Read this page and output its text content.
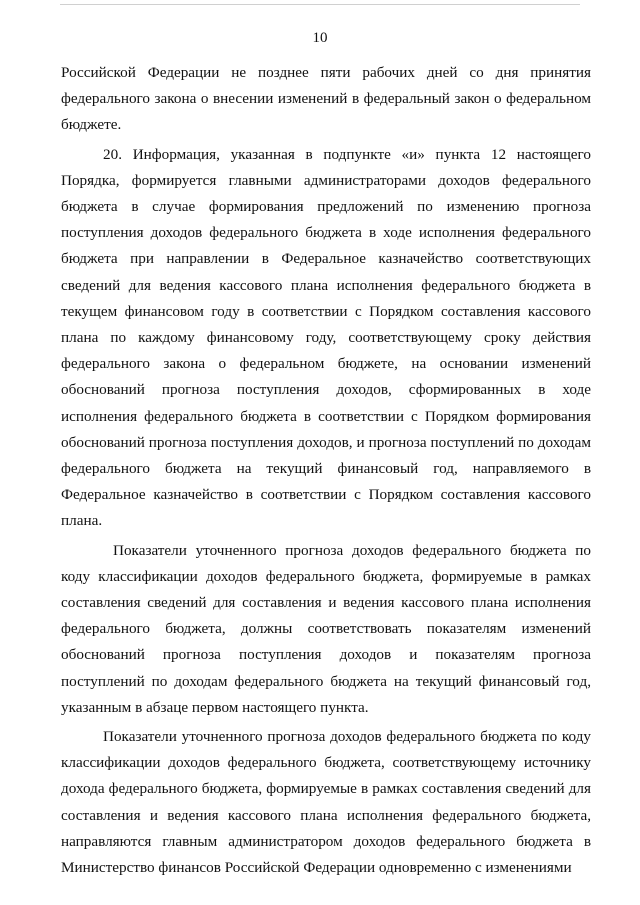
10

Российской Федерации не позднее пяти рабочих дней со дня принятия федерального закона о внесении изменений в федеральный закон о федеральном бюджете.

20. Информация, указанная в подпункте «и» пункта 12 настоящего Порядка, формируется главными администраторами доходов федерального бюджета в случае формирования предложений по изменению прогноза поступления доходов федерального бюджета в ходе исполнения федерального бюджета при направлении в Федеральное казначейство соответствующих сведений для ведения кассового плана исполнения федерального бюджета в текущем финансовом году в соответствии с Порядком составления кассового плана по каждому финансовому году, соответствующему сроку действия федерального закона о федеральном бюджете, на основании изменений обоснований прогноза поступления доходов, сформированных в ходе исполнения федерального бюджета в соответствии с Порядком формирования обоснований прогноза поступления доходов, и прогноза поступлений по доходам федерального бюджета на текущий финансовый год, направляемого в Федеральное казначейство в соответствии с Порядком составления кассового плана.

Показатели уточненного прогноза доходов федерального бюджета по коду классификации доходов федерального бюджета, формируемые в рамках составления сведений для составления и ведения кассового плана исполнения федерального бюджета, должны соответствовать показателям изменений обоснований прогноза поступления доходов и показателям прогноза поступлений по доходам федерального бюджета на текущий финансовый год, указанным в абзаце первом настоящего пункта.

Показатели уточненного прогноза доходов федерального бюджета по коду классификации доходов федерального бюджета, соответствующему источнику дохода федерального бюджета, формируемые в рамках составления сведений для составления и ведения кассового плана исполнения федерального бюджета, направляются главным администратором доходов федерального бюджета в Министерство финансов Российской Федерации одновременно с изменениями
